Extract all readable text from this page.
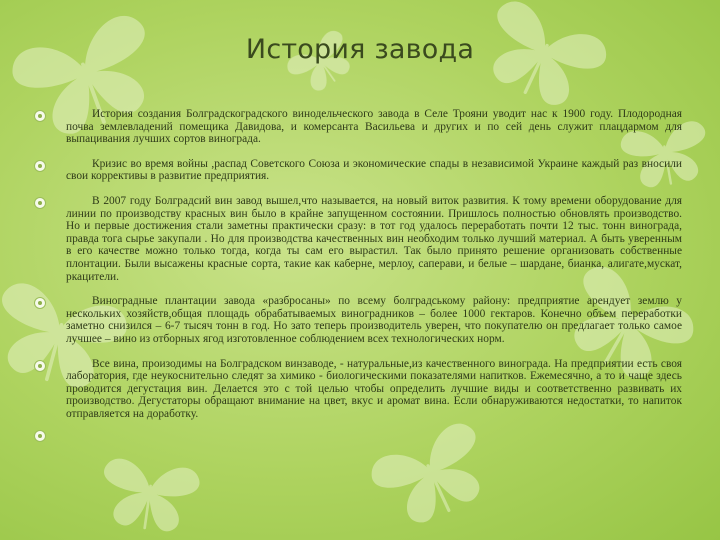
История завода

История создания Болградскоградского винодельческого завода в Селе Трояни уводит нас к 1900 году. Плодородная почва землевладений помещика Давидова, и комерсанта Васильева и других и по сей день служит плацдармом для выпацивания лучших сортов винограда.

Кризис во время войны ,распад Советского Союза и экономические спады в независимой Украине каждый раз вносили свои коррективы в развитие предприятия.

В 2007 году Болградсий вин завод вышел,что называется, на новый виток развития. К тому времени оборудование для линии по производству красных вин было в крайне запущенном состоянии. Пришлось полностью обновлять производство. Но и первые достижения стали заметны практически сразу: в тот год удалось переработать почти 12 тыс. тонн винограда, правда тога сырье закупали . Но для производства качественных вин необходим только лучший материал. А быть уверенным в его качестве можно только тогда, когда ты сам его вырастил. Так было принято решение организовать собственные плонтации. Были высажены красные сорта, такие как каберне, мерлоу, саперави, и белые – шардане, бианка, алигате,мускат, ркацители.

Виноградные плантации завода «разбросаны» по всему болградському району: предприятие арендует землю у нескольких хозяйств,общая площадь обрабатываемых виноградников – более 1000 гектаров. Конечно объем переработки заметно снизился – 6-7 тысяч тонн в год. Но зато теперь производитель уверен, что покупателю он предлагает только самое лучшее – вино из отборных ягод изготовленное соблюдением всех технологических норм.

Все вина, произодимы на Болградском винзаводе, - натуральные,из качественного винограда. На предприятии есть своя лаборатория, где неукоснительно следят за химико - биологическими показателями напитков. Ежемесячно, а то и чаще здесь проводится дегустация вин. Делается это с той целью чтобы определить лучшие виды и соответственно развивать их производство. Дегустаторы обращают внимание на цвет, вкус и аромат вина. Если обнаруживаются недостатки, то напиток отправляется на доработку.
